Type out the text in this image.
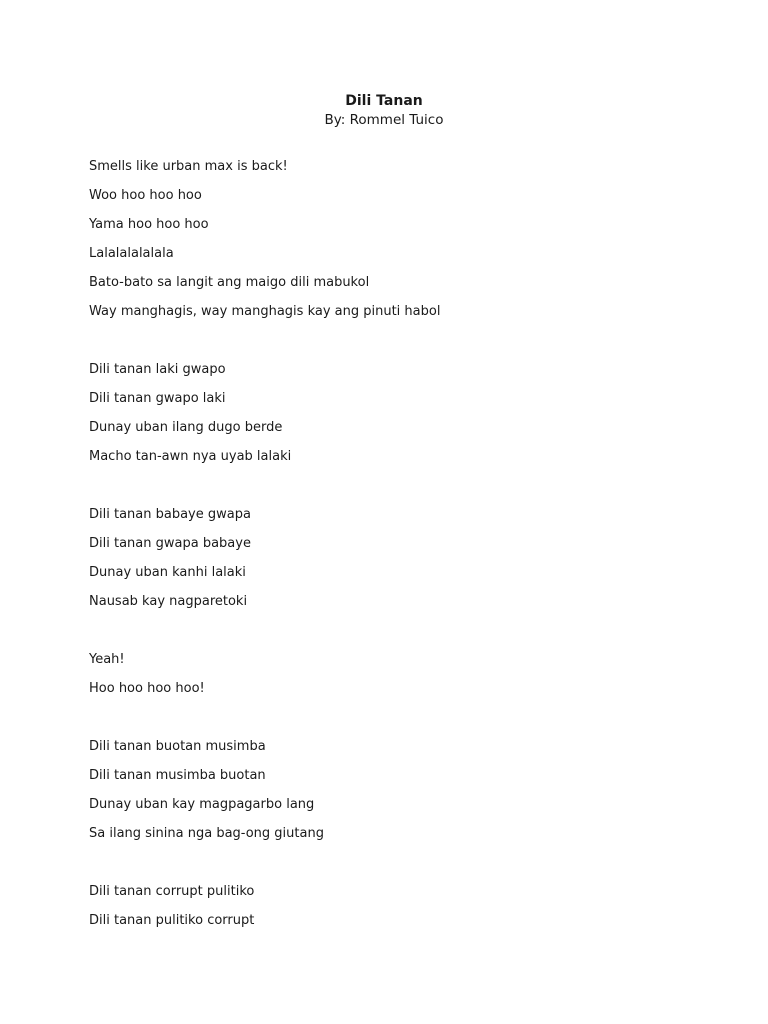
Dili Tanan
By: Rommel Tuico
Smells like urban max is back!
Woo hoo hoo hoo
Yama hoo hoo hoo
Lalalalalalala
Bato-bato sa langit ang maigo dili mabukol
Way manghagis, way manghagis kay ang pinuti habol
Dili tanan laki gwapo
Dili tanan gwapo laki
Dunay uban ilang dugo berde
Macho tan-awn nya uyab lalaki
Dili tanan babaye gwapa
Dili tanan gwapa babaye
Dunay uban kanhi lalaki
Nausab kay nagparetoki
Yeah!
Hoo hoo hoo hoo!
Dili tanan buotan musimba
Dili tanan musimba buotan
Dunay uban kay magpagarbo lang
Sa ilang sinina nga bag-ong giutang
Dili tanan corrupt pulitiko
Dili tanan pulitiko corrupt
